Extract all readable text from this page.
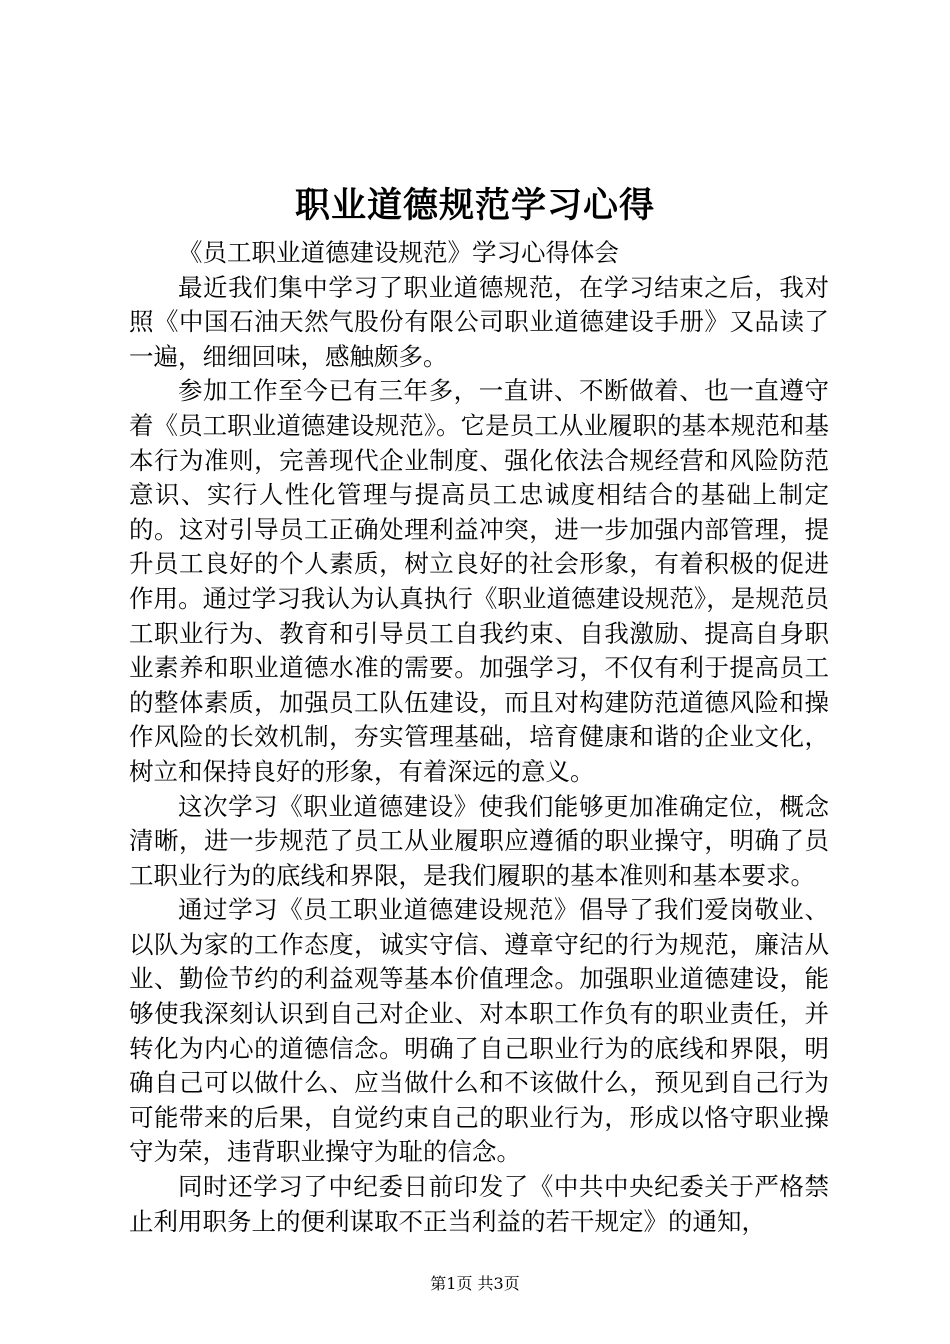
职业道德规范学习心得

《员工职业道德建设规范》学习心得体会

最近我们集中学习了职业道德规范，在学习结束之后，我对照《中国石油天然气股份有限公司职业道德建设手册》又品读了一遍，细细回味，感触颇多。

参加工作至今已有三年多，一直讲、不断做着、也一直遵守着《员工职业道德建设规范》。它是员工从业履职的基本规范和基本行为准则，完善现代企业制度、强化依法合规经营和风险防范意识、实行人性化管理与提高员工忠诚度相结合的基础上制定的。这对引导员工正确处理利益冲突，进一步加强内部管理，提升员工良好的个人素质，树立良好的社会形象，有着积极的促进作用。通过学习我认为认真执行《职业道德建设规范》，是规范员工职业行为、教育和引导员工自我约束、自我激励、提高自身职业素养和职业道德水准的需要。加强学习，不仅有利于提高员工的整体素质，加强员工队伍建设，而且对构建防范道德风险和操作风险的长效机制，夯实管理基础，培育健康和谐的企业文化，树立和保持良好的形象，有着深远的意义。

这次学习《职业道德建设》使我们能够更加准确定位，概念清晰，进一步规范了员工从业履职应遵循的职业操守，明确了员工职业行为的底线和界限，是我们履职的基本准则和基本要求。

通过学习《员工职业道德建设规范》倡导了我们爱岗敬业、以队为家的工作态度，诚实守信、遵章守纪的行为规范，廉洁从业、勤俭节约的利益观等基本价值理念。加强职业道德建设，能够使我深刻认识到自己对企业、对本职工作负有的职业责任，并转化为内心的道德信念。明确了自己职业行为的底线和界限，明确自己可以做什么、应当做什么和不该做什么，预见到自己行为可能带来的后果，自觉约束自己的职业行为，形成以恪守职业操守为荣，违背职业操守为耻的信念。

同时还学习了中纪委日前印发了《中共中央纪委关于严格禁止利用职务上的便利谋取不正当利益的若干规定》的通知，

第1页 共3页
